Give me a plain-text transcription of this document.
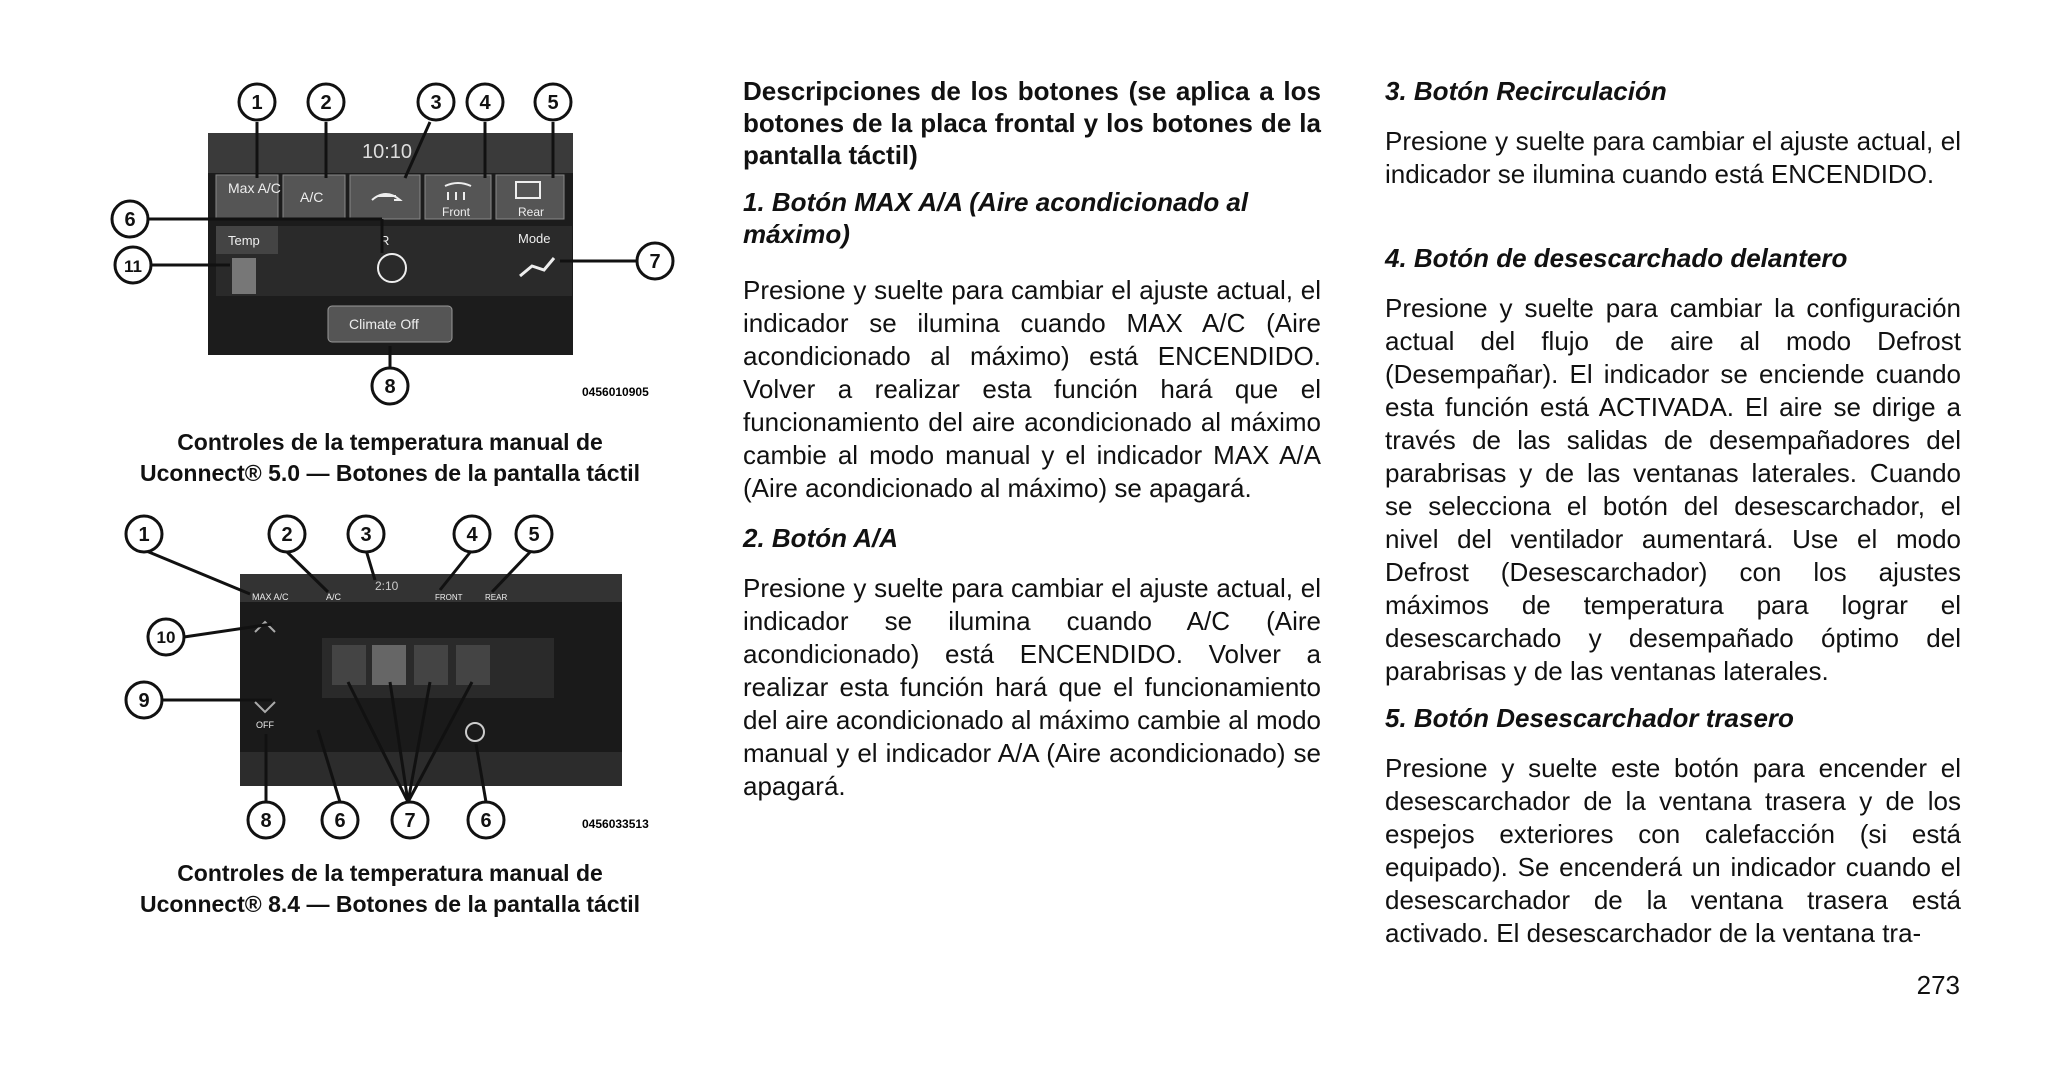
10:10
Max A/C
A/C
Front	Rear
Temp	R	Mode
Climate Off
1	2	3 4	5
6
11	7
8	0456010905
Controles de la temperatura manual de
Uconnect® 5.0 — Botones de la pantalla táctil
2:10
MAX A/C	A/C	FRONT	REAR
OFF
1	2	3	4	5
10
9
8	6	7	6	0456033513
Controles de la temperatura manual de
Uconnect® 8.4 — Botones de la pantalla táctil

Descripciones de los botones (se aplica a los botones de la placa frontal y los botones de la pantalla táctil)

1. Botón MAX A/A (Aire acondicionado al máximo)

Presione y suelte para cambiar el ajuste actual, el indicador se ilumina cuando MAX A/C (Aire acondicionado al máximo) está ENCENDIDO. Volver a realizar esta función hará que el funcionamiento del aire acondicionado al máximo cambie al modo manual y el indicador MAX A/A (Aire acondicionado al máximo) se apagará.

2. Botón A/A

Presione y suelte para cambiar el ajuste actual, el indicador se ilumina cuando A/C (Aire acondicionado) está ENCENDIDO. Volver a realizar esta función hará que el funcionamiento del aire acondicionado al máximo cambie al modo manual y el indicador A/A (Aire acondicionado) se apagará.

3. Botón Recirculación

Presione y suelte para cambiar el ajuste actual, el indicador se ilumina cuando está ENCENDIDO.

4. Botón de desescarchado delantero

Presione y suelte para cambiar la configuración actual del flujo de aire al modo Defrost (Desempañar). El indicador se enciende cuando esta función está ACTIVADA. El aire se dirige a través de las salidas de desempañadores del parabrisas y de las ventanas laterales. Cuando se selecciona el botón del desescarchador, el nivel del ventilador aumentará. Use el modo Defrost (Desescarchador) con los ajustes máximos de temperatura para lograr el desescarchado y desempañado óptimo del parabrisas y de las ventanas laterales.

5. Botón Desescarchador trasero

Presione y suelte este botón para encender el desescarchador de la ventana trasera y de los espejos exteriores con calefacción (si está equipado). Se encenderá un indicador cuando el desescarchador de la ventana trasera está activado. El desescarchador de la ventana tra-

273
